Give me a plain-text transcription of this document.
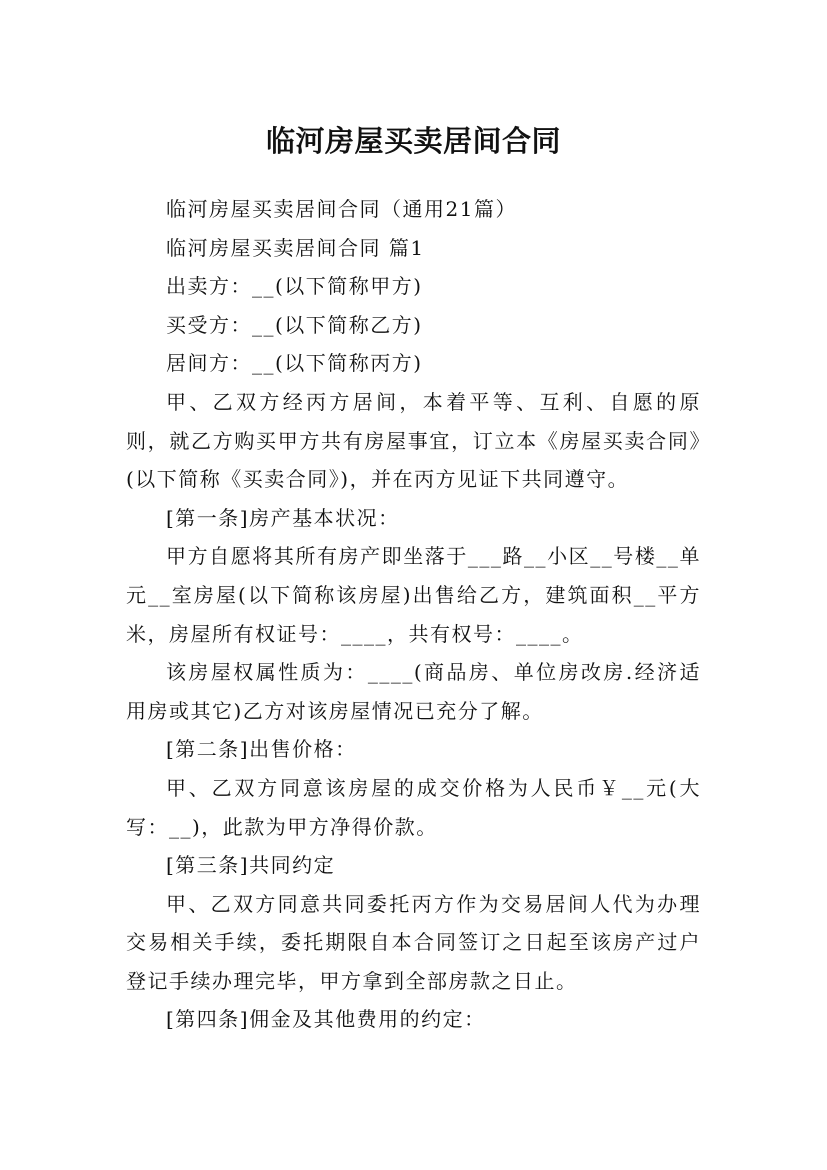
临河房屋买卖居间合同

临河房屋买卖居间合同（通用21篇）

临河房屋买卖居间合同 篇1

出卖方：__(以下简称甲方)

买受方：__(以下简称乙方)

居间方：__(以下简称丙方)

甲、乙双方经丙方居间，本着平等、互利、自愿的原则，就乙方购买甲方共有房屋事宜，订立本《房屋买卖合同》(以下简称《买卖合同》)，并在丙方见证下共同遵守。

[第一条]房产基本状况：

甲方自愿将其所有房产即坐落于___路__小区__号楼__单元__室房屋(以下简称该房屋)出售给乙方，建筑面积__平方米，房屋所有权证号：____，共有权号：____。

该房屋权属性质为：____(商品房、单位房改房.经济适用房或其它)乙方对该房屋情况已充分了解。

[第二条]出售价格：

甲、乙双方同意该房屋的成交价格为人民币￥__元(大写：__)，此款为甲方净得价款。

[第三条]共同约定

甲、乙双方同意共同委托丙方作为交易居间人代为办理交易相关手续，委托期限自本合同签订之日起至该房产过户登记手续办理完毕，甲方拿到全部房款之日止。

[第四条]佣金及其他费用的约定：
